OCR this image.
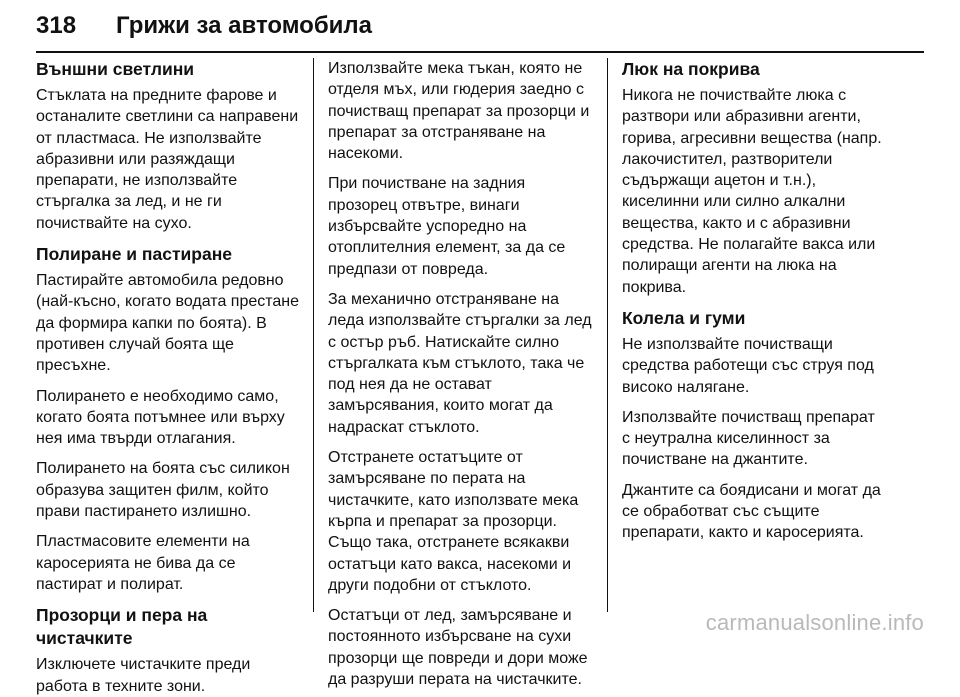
318 Грижи за автомобила
Външни светлини

Стъклата на предните фарове и
останалите светлини са направени
от пластмаса. Не използвайте
абразивни или разяждащи
препарати, не използвайте
стъргалка за лед, и не ги
почиствайте на сухо.

Полиране и пастиране

Пастирайте автомобила редовно
(най-късно, когато водата престане
да формира капки по боята). В
противен случай боята ще
пресъхне.

Полирането е необходимо само,
когато боята потъмнее или върху
нея има твърди отлагания.

Полирането на боята със силикон
образува защитен филм, който
прави пастирането излишно.

Пластмасовите елементи на
каросерията не бива да се
пастират и полират.

Прозорци и пера на чистачките

Изключете чистачките преди
работа в техните зони.

Използвайте мека тъкан, която не
отделя мъх, или гюдерия заедно с
почистващ препарат за прозорци и
препарат за отстраняване на
насекоми.

При почистване на задния
прозорец отвътре, винаги
избърсвайте успоредно на
отоплителния елемент, за да се
предпази от повреда.

За механично отстраняване на
леда използвайте стъргалки за лед
с остър ръб. Натискайте силно
стъргалката към стъклото, така че
под нея да не остават
замърсявания, които могат да
надраскат стъклото.

Отстранете остатъците от
замърсяване по перата на
чистачките, като използвате мека
кърпа и препарат за прозорци.
Също така, отстранете всякакви
остатъци като вакса, насекоми и
други подобни от стъклото.

Остатъци от лед, замърсяване и
постоянното избърсване на сухи
прозорци ще повреди и дори може
да разруши перата на чистачките.

Люк на покрива

Никога не почиствайте люка с
разтвори или абразивни агенти,
горива, агресивни вещества (напр.
лакочистител, разтворители
съдържащи ацетон и т.н.),
киселинни или силно алкални
вещества, както и с абразивни
средства. Не полагайте вакса или
полиращи агенти на люка на
покрива.

Колела и гуми

Не използвайте почистващи
средства работещи със струя под
високо налягане.

Използвайте почистващ препарат
с неутрална киселинност за
почистване на джантите.

Джантите са боядисани и могат да
се обработват със същите
препарати, както и каросерията.

carmanualsonline.info
